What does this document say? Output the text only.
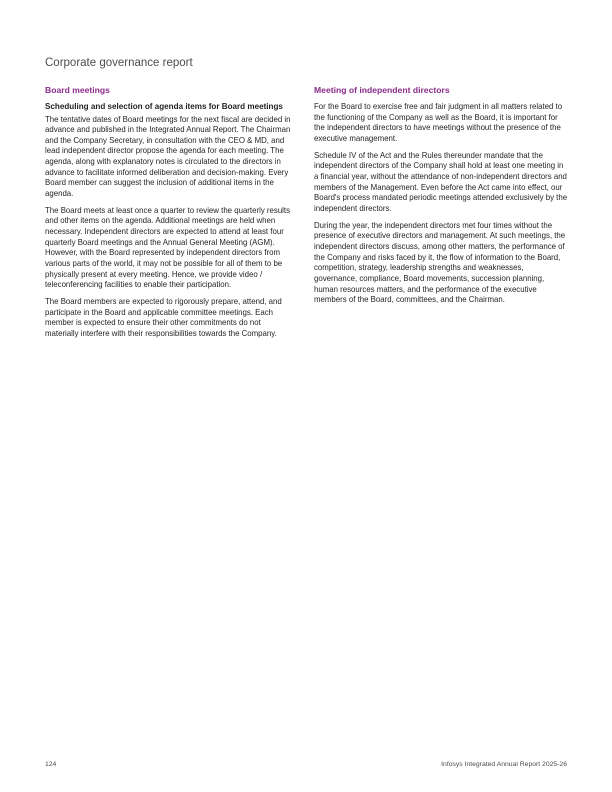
Corporate governance report
Board meetings
Scheduling and selection of agenda items for Board meetings

The tentative dates of Board meetings for the next fiscal are decided in advance and published in the Integrated Annual Report. The Chairman and the Company Secretary, in consultation with the CEO & MD, and lead independent director propose the agenda for each meeting. The agenda, along with explanatory notes is circulated to the directors in advance to facilitate informed deliberation and decision-making. Every Board member can suggest the inclusion of additional items in the agenda.

The Board meets at least once a quarter to review the quarterly results and other items on the agenda. Additional meetings are held when necessary. Independent directors are expected to attend at least four quarterly Board meetings and the Annual General Meeting (AGM). However, with the Board represented by independent directors from various parts of the world, it may not be possible for all of them to be physically present at every meeting. Hence, we provide video / teleconferencing facilities to enable their participation.

The Board members are expected to rigorously prepare, attend, and participate in the Board and applicable committee meetings. Each member is expected to ensure their other commitments do not materially interfere with their responsibilities towards the Company.

Meeting of independent directors

For the Board to exercise free and fair judgment in all matters related to the functioning of the Company as well as the Board, it is important for the independent directors to have meetings without the presence of the executive management.

Schedule IV of the Act and the Rules thereunder mandate that the independent directors of the Company shall hold at least one meeting in a financial year, without the attendance of non-independent directors and members of the Management. Even before the Act came into effect, our Board's process mandated periodic meetings attended exclusively by the independent directors.

During the year, the independent directors met four times without the presence of executive directors and management. At such meetings, the independent directors discuss, among other matters, the performance of the Company and risks faced by it, the flow of information to the Board, competition, strategy, leadership strengths and weaknesses, governance, compliance, Board movements, succession planning, human resources matters, and the performance of the executive members of the Board, committees, and the Chairman.

124	Infosys Integrated Annual Report 2025-26
